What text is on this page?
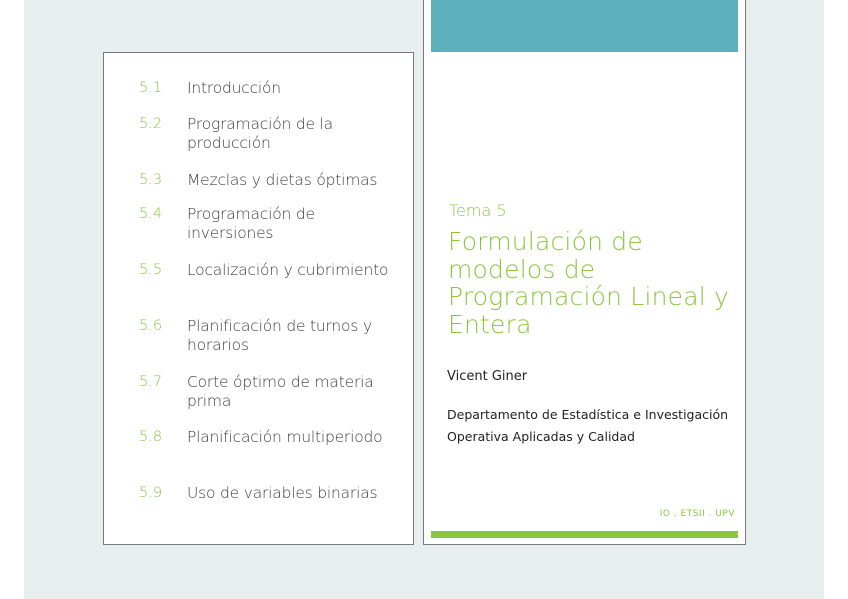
5.1	Introducción
5.2	Programación de la producción
5.3	Mezclas y dietas óptimas
5.4	Programación de inversiones
5.5	Localización y cubrimiento
5.6	Planificación de turnos y horarios
5.7	Corte óptimo de materia prima
5.8	Planificación multiperiodo
5.9	Uso de variables binarias
Tema 5
Formulación de modelos de Programación Lineal y Entera
Vicent Giner
Departamento de Estadística e Investigación Operativa Aplicadas y Calidad
IO . ETSII . UPV
